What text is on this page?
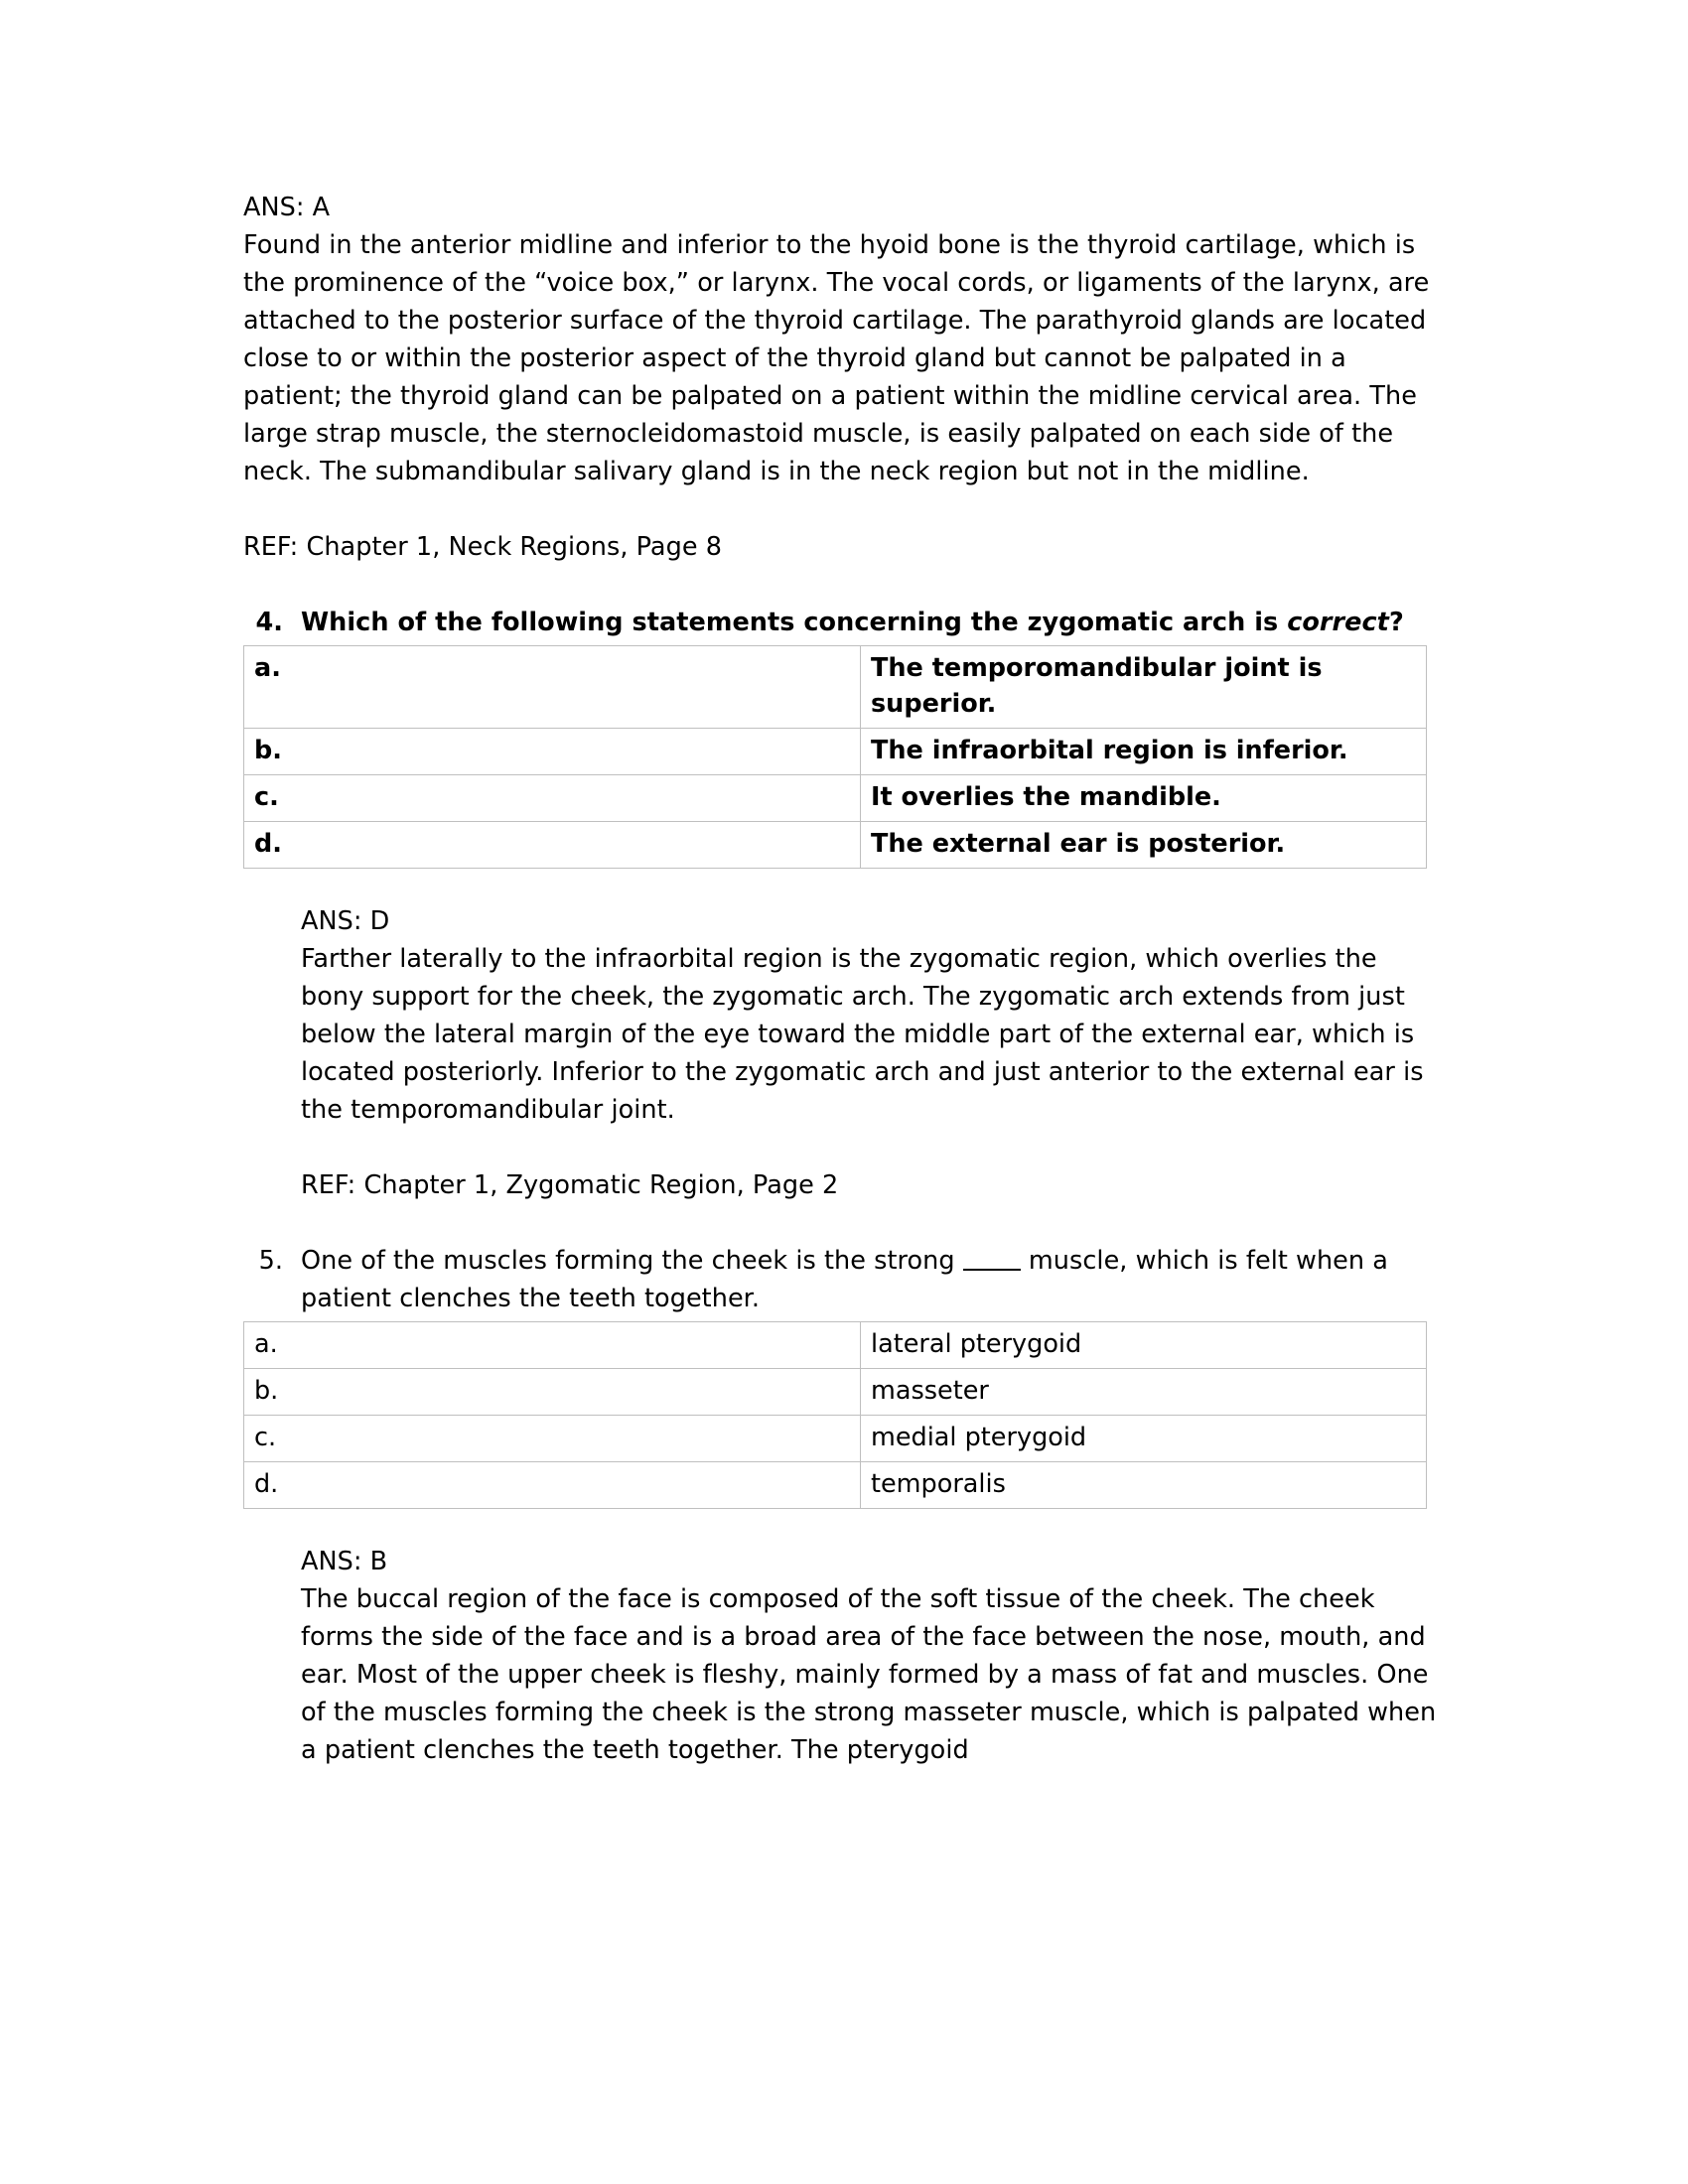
ANS: A

Found in the anterior midline and inferior to the hyoid bone is the thyroid cartilage, which is the prominence of the “voice box,” or larynx. The vocal cords, or ligaments of the larynx, are attached to the posterior surface of the thyroid cartilage. The parathyroid glands are located close to or within the posterior aspect of the thyroid gland but cannot be palpated in a patient; the thyroid gland can be palpated on a patient within the midline cervical area. The large strap muscle, the sternocleidomastoid muscle, is easily palpated on each side of the neck. The submandibular salivary gland is in the neck region but not in the midline.

REF: Chapter 1, Neck Regions, Page 8

4. Which of the following statements concerning the zygomatic arch is correct?

a.	The temporomandibular joint is superior.
b.	The infraorbital region is inferior.
c.	It overlies the mandible.
d.	The external ear is posterior.

ANS: D

Farther laterally to the infraorbital region is the zygomatic region, which overlies the bony support for the cheek, the zygomatic arch. The zygomatic arch extends from just below the lateral margin of the eye toward the middle part of the external ear, which is located posteriorly. Inferior to the zygomatic arch and just anterior to the external ear is the temporomandibular joint.

REF: Chapter 1, Zygomatic Region, Page 2

5. One of the muscles forming the cheek is the strong  muscle, which is felt when a patient clenches the teeth together.

a.	lateral pterygoid
b.	masseter
c.	medial pterygoid
d.	temporalis

ANS: B

The buccal region of the face is composed of the soft tissue of the cheek. The cheek forms the side of the face and is a broad area of the face between the nose, mouth, and ear. Most of the upper cheek is fleshy, mainly formed by a mass of fat and muscles. One of the muscles forming the cheek is the strong masseter muscle, which is palpated when a patient clenches the teeth together. The pterygoid
